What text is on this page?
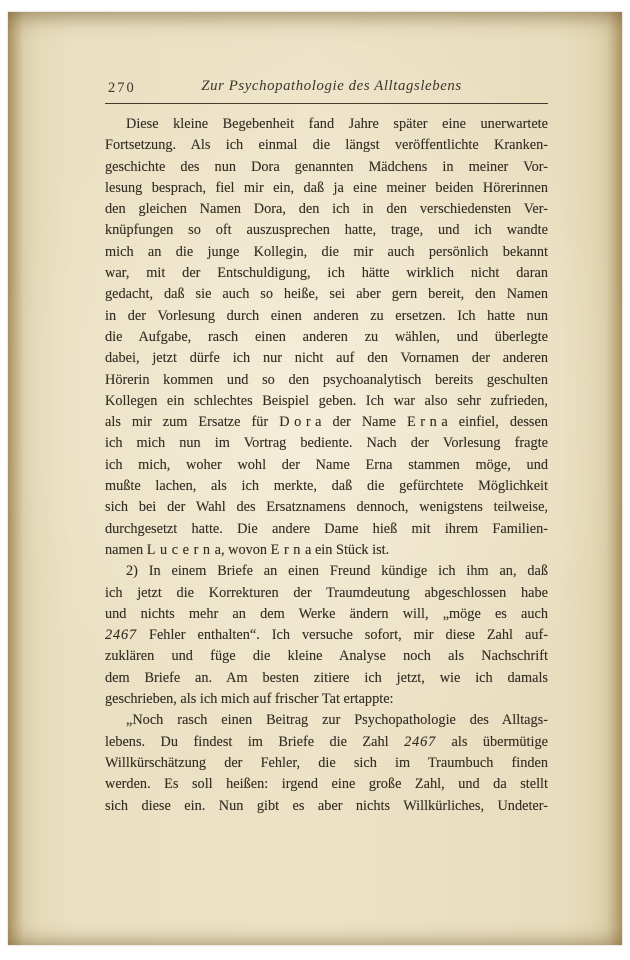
270	Zur Psychopathologie des Alltagslebens
Diese kleine Begebenheit fand Jahre später eine unerwartete
Fortsetzung. Als ich einmal die längst veröffentlichte Kranken-
geschichte des nun Dora genannten Mädchens in meiner Vor-
lesung besprach, fiel mir ein, daß ja eine meiner beiden Hörerinnen
den gleichen Namen Dora, den ich in den verschiedensten Ver-
knüpfungen so oft auszusprechen hatte, trage, und ich wandte
mich an die junge Kollegin, die mir auch persönlich bekannt
war, mit der Entschuldigung, ich hätte wirklich nicht daran
gedacht, daß sie auch so heiße, sei aber gern bereit, den Namen
in der Vorlesung durch einen anderen zu ersetzen. Ich hatte nun
die Aufgabe, rasch einen anderen zu wählen, und überlegte
dabei, jetzt dürfe ich nur nicht auf den Vornamen der anderen
Hörerin kommen und so den psychoanalytisch bereits geschulten
Kollegen ein schlechtes Beispiel geben. Ich war also sehr zufrieden,
als mir zum Ersatze für Dora der Name Erna einfiel, dessen
ich mich nun im Vortrag bediente. Nach der Vorlesung fragte
ich mich, woher wohl der Name Erna stammen möge, und
mußte lachen, als ich merkte, daß die gefürchtete Möglichkeit
sich bei der Wahl des Ersatznamens dennoch, wenigstens teilweise,
durchgesetzt hatte. Die andere Dame hieß mit ihrem Familien-
namen Lucerna, wovon Erna ein Stück ist.
2) In einem Briefe an einen Freund kündige ich ihm an, daß
ich jetzt die Korrekturen der Traumdeutung abgeschlossen habe
und nichts mehr an dem Werke ändern will, „möge es auch
2467 Fehler enthalten“. Ich versuche sofort, mir diese Zahl auf-
zuklären und füge die kleine Analyse noch als Nachschrift
dem Briefe an. Am besten zitiere ich jetzt, wie ich damals
geschrieben, als ich mich auf frischer Tat ertappte:
„Noch rasch einen Beitrag zur Psychopathologie des Alltags-
lebens. Du findest im Briefe die Zahl 2467 als übermütige
Willkürschätzung der Fehler, die sich im Traumbuch finden
werden. Es soll heißen: irgend eine große Zahl, und da stellt
sich diese ein. Nun gibt es aber nichts Willkürliches, Undeter-
